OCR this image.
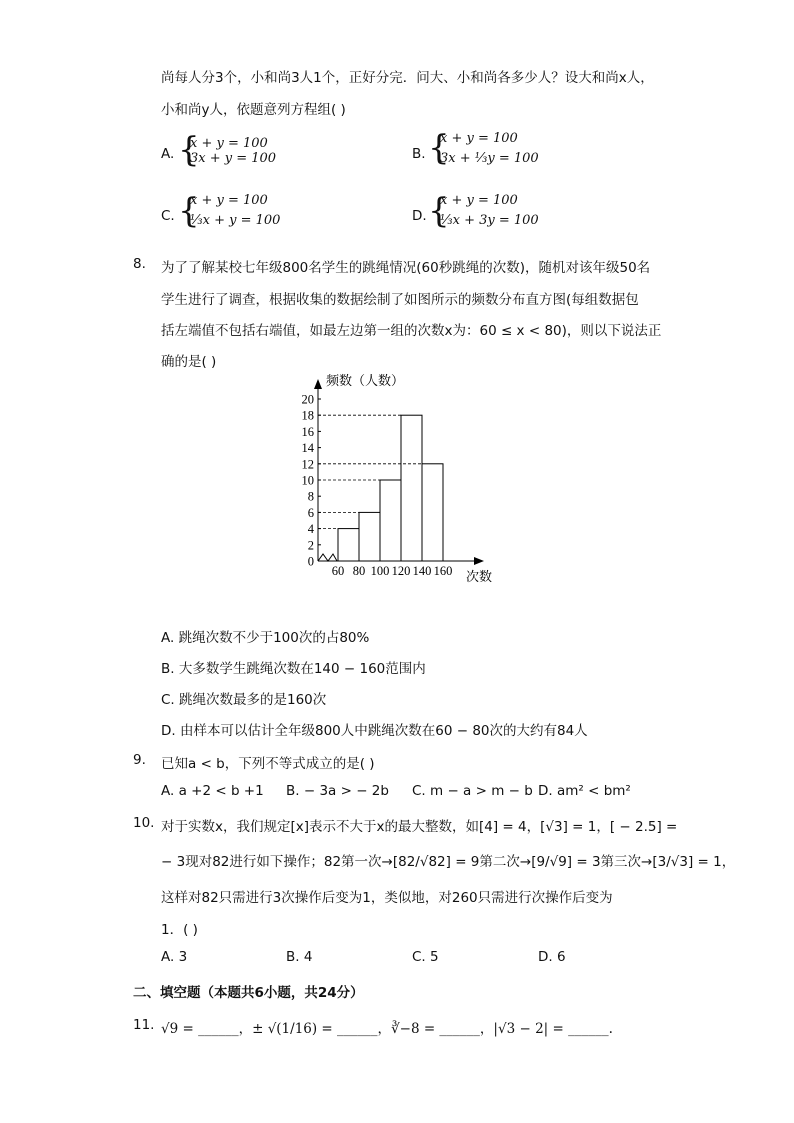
尚每人分3个，小和尚3人1个，正好分完．问大、小和尚各多少人？设大和尚x人，
小和尚y人，依题意列方程组( )
A. {
x + y = 100
3x + y = 100	B. {
x + y = 100
3x + ⅓y = 100
C. {
x + y = 100
⅓x + y = 100	D. {
x + y = 100
⅓x + 3y = 100
8. 为了了解某校七年级800名学生的跳绳情况(60秒跳绳的次数)，随机对该年级50名
学生进行了调查，根据收集的数据绘制了如图所示的频数分布直方图(每组数据包
括左端值不包括右端值，如最左边第一组的次数x为：60 ≤ x < 80)，则以下说法正
确的是( )
0
2
4
6
8
10
12
14
16
18
20
60 80 100 120 140 160
频数（人数）
次数
A. 跳绳次数不少于100次的占80%
B. 大多数学生跳绳次数在140 − 160范围内
C. 跳绳次数最多的是160次
D. 由样本可以估计全年级800人中跳绳次数在60 − 80次的大约有84人
9. 已知a < b，下列不等式成立的是( )
A. a +2 < b +1 B. − 3a > − 2b C. m − a > m − b D. am² < bm²
10. 对于实数x，我们规定[x]表示不大于x的最大整数，如[4] = 4，[√3] = 1，[ − 2.5] =
− 3现对82进行如下操作；82第一次→[82/√82] = 9第二次→[9/√9] = 3第三次→[3/√3] = 1，
这样对82只需进行3次操作后变为1，类似地，对260只需进行次操作后变为
1．( )
A. 3	B. 4	C. 5	D. 6
二、填空题（本题共6小题，共24分）
11. √9 = ______，± √(1/16) = ______，∛−8 = ______，|√3 − 2| = ______.
